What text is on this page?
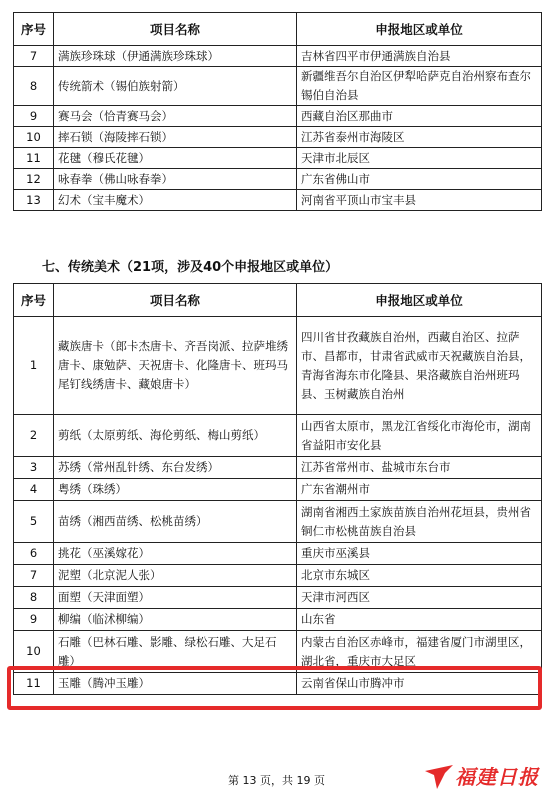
序号	项目名称	申报地区或单位
7	满族珍珠球（伊通满族珍珠球）	吉林省四平市伊通满族自治县
8	传统箭术（锡伯族射箭）	新疆维吾尔自治区伊犁哈萨克自治州察布查尔锡伯自治县
9	赛马会（恰青赛马会）	西藏自治区那曲市
10	摔石锁（海陵摔石锁）	江苏省泰州市海陵区
11	花毽（穆氏花毽）	天津市北辰区
12	咏春拳（佛山咏春拳）	广东省佛山市
13	幻术（宝丰魔术）	河南省平顶山市宝丰县
七、传统美术（21项，涉及40个申报地区或单位）
序号	项目名称	申报地区或单位
1	藏族唐卡（郎卡杰唐卡、齐吾岗派、拉萨堆绣唐卡、康勉萨、天祝唐卡、化隆唐卡、班玛马尾钉线绣唐卡、藏娘唐卡）	四川省甘孜藏族自治州，西藏自治区、拉萨市、昌都市，甘肃省武威市天祝藏族自治县，青海省海东市化隆县、果洛藏族自治州班玛县、玉树藏族自治州
2	剪纸（太原剪纸、海伦剪纸、梅山剪纸）	山西省太原市，黑龙江省绥化市海伦市，湖南省益阳市安化县
3	苏绣（常州乱针绣、东台发绣）	江苏省常州市、盐城市东台市
4	粤绣（珠绣）	广东省潮州市
5	苗绣（湘西苗绣、松桃苗绣）	湖南省湘西土家族苗族自治州花垣县，贵州省铜仁市松桃苗族自治县
6	挑花（巫溪嫁花）	重庆市巫溪县
7	泥塑（北京泥人张）	北京市东城区
8	面塑（天津面塑）	天津市河西区
9	柳编（临沭柳编）	山东省
10	石雕（巴林石雕、影雕、绿松石雕、大足石雕）	内蒙古自治区赤峰市，福建省厦门市湖里区，湖北省，重庆市大足区
11	玉雕（腾冲玉雕）	云南省保山市腾冲市
第 13 页，共 19 页	福建日报
